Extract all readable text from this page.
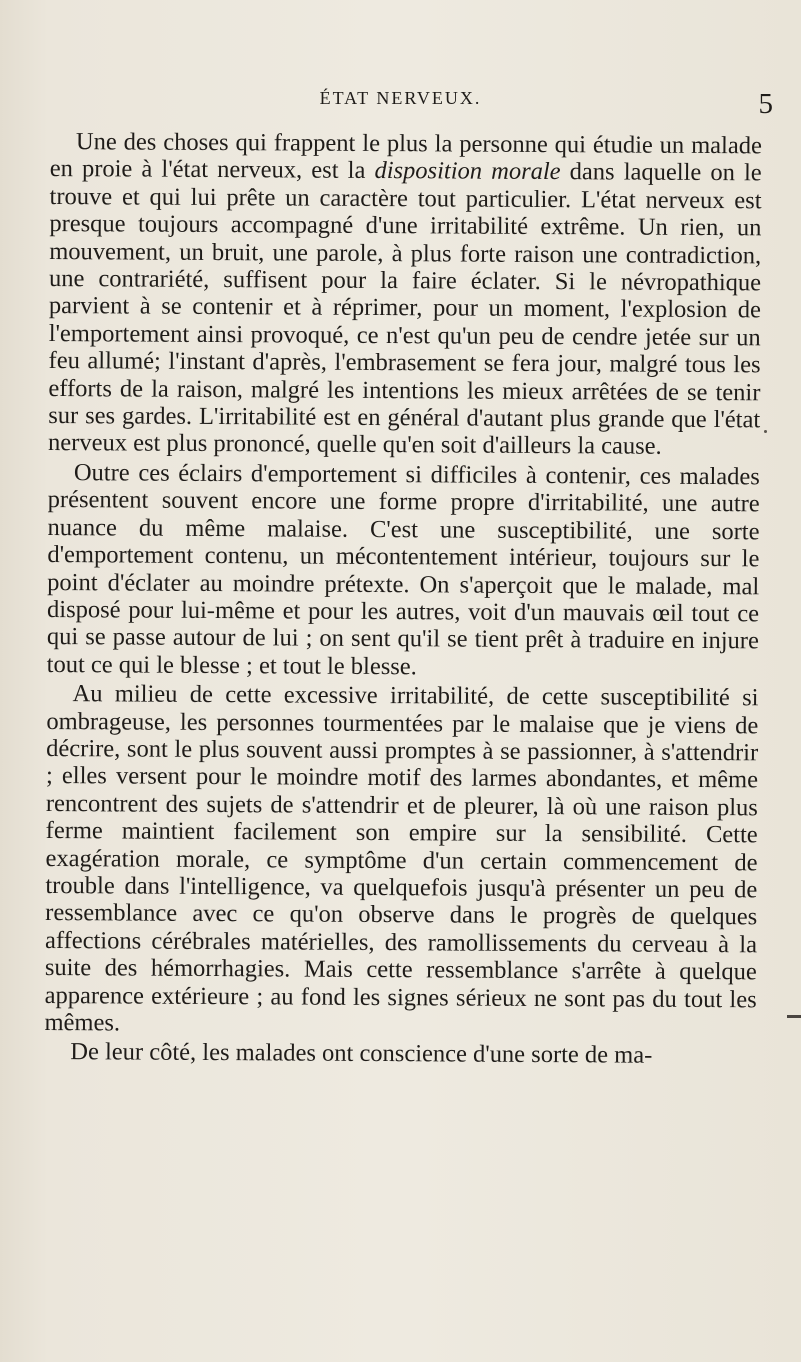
ÉTAT NERVEUX.	5

Une des choses qui frappent le plus la personne qui étudie un malade en proie à l'état nerveux, est la disposition morale dans laquelle on le trouve et qui lui prête un caractère tout particulier. L'état nerveux est presque toujours accompagné d'une irritabilité extrême. Un rien, un mouvement, un bruit, une parole, à plus forte raison une contradiction, une contrariété, suffisent pour la faire éclater. Si le névropathique parvient à se contenir et à réprimer, pour un moment, l'explosion de l'emportement ainsi provoqué, ce n'est qu'un peu de cendre jetée sur un feu allumé; l'instant d'après, l'embrasement se fera jour, malgré tous les efforts de la raison, malgré les intentions les mieux arrêtées de se tenir sur ses gardes. L'irritabilité est en général d'autant plus grande que l'état nerveux est plus prononcé, quelle qu'en soit d'ailleurs la cause.

Outre ces éclairs d'emportement si difficiles à contenir, ces malades présentent souvent encore une forme propre d'irritabilité, une autre nuance du même malaise. C'est une susceptibilité, une sorte d'emportement contenu, un mécontentement intérieur, toujours sur le point d'éclater au moindre prétexte. On s'aperçoit que le malade, mal disposé pour lui-même et pour les autres, voit d'un mauvais œil tout ce qui se passe autour de lui ; on sent qu'il se tient prêt à traduire en injure tout ce qui le blesse ; et tout le blesse.

Au milieu de cette excessive irritabilité, de cette susceptibilité si ombrageuse, les personnes tourmentées par le malaise que je viens de décrire, sont le plus souvent aussi promptes à se passionner, à s'attendrir ; elles versent pour le moindre motif des larmes abondantes, et même rencontrent des sujets de s'attendrir et de pleurer, là où une raison plus ferme maintient facilement son empire sur la sensibilité. Cette exagération morale, ce symptôme d'un certain commencement de trouble dans l'intelligence, va quelquefois jusqu'à présenter un peu de ressemblance avec ce qu'on observe dans le progrès de quelques affections cérébrales matérielles, des ramollissements du cerveau à la suite des hémorrhagies. Mais cette ressemblance s'arrête à quelque apparence extérieure ; au fond les signes sérieux ne sont pas du tout les mêmes.

De leur côté, les malades ont conscience d'une sorte de ma-
